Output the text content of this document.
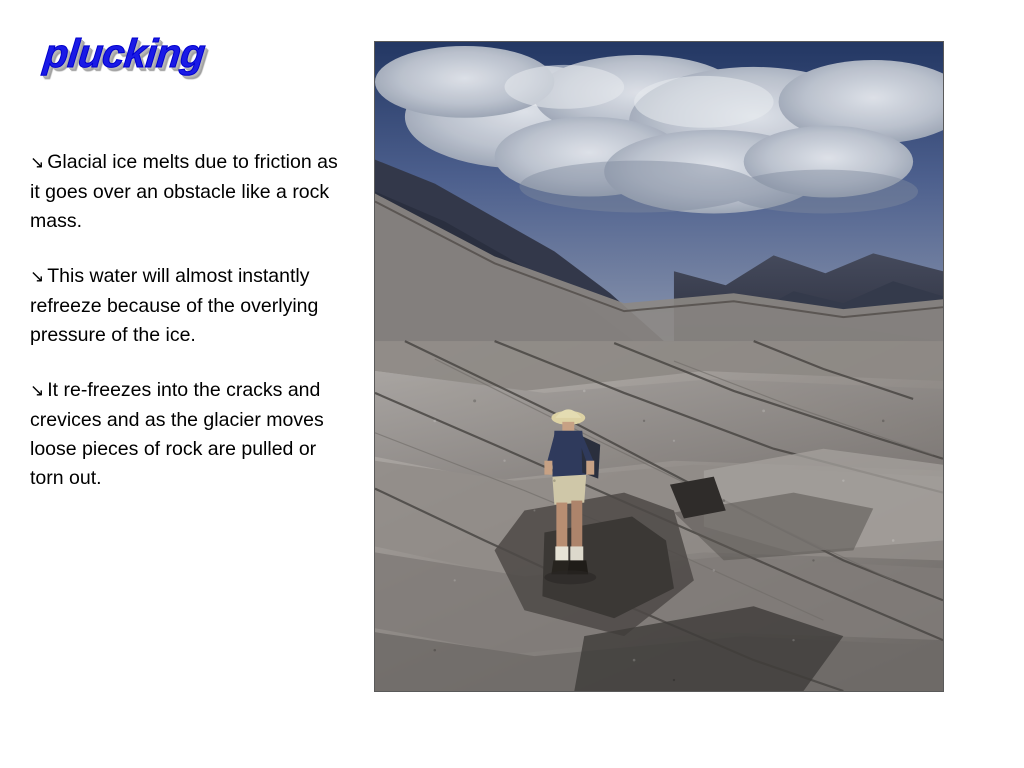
plucking

↘ Glacial ice melts due to friction as it goes over an obstacle like a rock mass.

↘ This water will almost instantly refreeze because of the overlying pressure of the ice.

↘ It re-freezes into the cracks and crevices and as the glacier moves loose pieces of rock are pulled or torn out.
